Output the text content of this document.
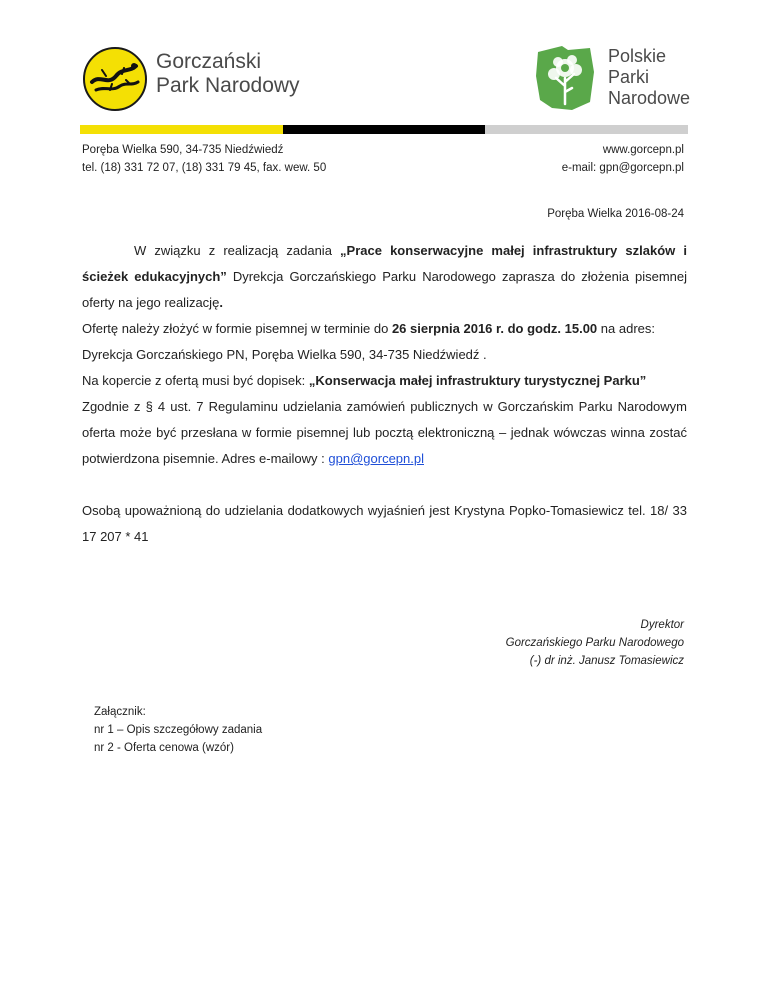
Gorczański
Park Narodowy
Polskie
Parki
Narodowe
Poręba Wielka 590, 34-735 Niedźwiedź
tel. (18) 331 72 07, (18) 331 79 45, fax. wew. 50
www.gorcepn.pl
e-mail: gpn@gorcepn.pl
Poręba Wielka 2016-08-24

W związku z realizacją zadania „Prace konserwacyjne małej infrastruktury szlaków i ścieżek edukacyjnych” Dyrekcja Gorczańskiego Parku Narodowego zaprasza do złożenia pisemnej oferty na jego realizację.

Ofertę należy złożyć w formie pisemnej w terminie do 26 sierpnia 2016 r. do godz. 15.00 na adres:

Dyrekcja Gorczańskiego PN, Poręba Wielka 590, 34-735 Niedźwiedź .

Na kopercie z ofertą musi być dopisek: „Konserwacja małej infrastruktury turystycznej Parku”

Zgodnie z § 4 ust. 7 Regulaminu udzielania zamówień publicznych w Gorczańskim Parku Narodowym oferta może być przesłana w formie pisemnej lub pocztą elektroniczną – jednak wówczas winna zostać potwierdzona pisemnie. Adres e-mailowy : gpn@gorcepn.pl

Osobą upoważnioną do udzielania dodatkowych wyjaśnień jest Krystyna Popko-Tomasiewicz tel. 18/ 33 17 207 * 41

Dyrektor
Gorczańskiego Parku Narodowego
(-) dr inż. Janusz Tomasiewicz
Załącznik:
nr 1 – Opis szczegółowy zadania
nr 2 - Oferta cenowa (wzór)
